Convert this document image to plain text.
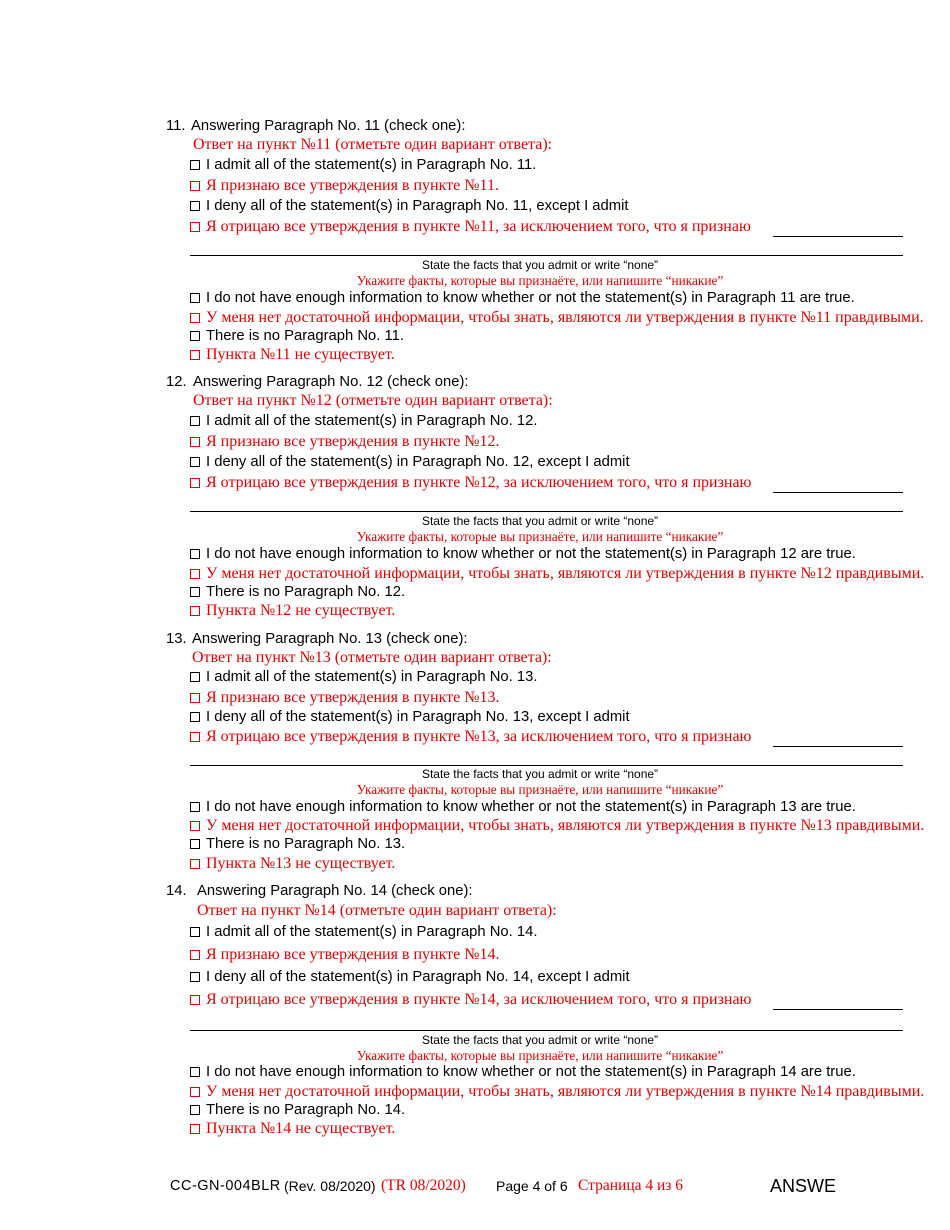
11. Answering Paragraph No. 11 (check one):
Ответ на пункт №11 (отметьте один вариант ответа):
I admit all of the statement(s) in Paragraph No. 11.
Я признаю все утверждения в пункте №11.
I deny all of the statement(s) in Paragraph No. 11, except I admit
Я отрицаю все утверждения в пункте №11, за исключением того, что я признаю
State the facts that you admit or write “none”
Укажите факты, которые вы признаёте, или напишите “никакие”
I do not have enough information to know whether or not the statement(s) in Paragraph 11 are true.
У меня нет достаточной информации, чтобы знать, являются ли утверждения в пункте №11 правдивыми.
There is no Paragraph No. 11.
Пункта №11 не существует.
12. Answering Paragraph No. 12 (check one):
Ответ на пункт №12 (отметьте один вариант ответа):
I admit all of the statement(s) in Paragraph No. 12.
Я признаю все утверждения в пункте №12.
I deny all of the statement(s) in Paragraph No. 12, except I admit
Я отрицаю все утверждения в пункте №12, за исключением того, что я признаю
State the facts that you admit or write “none”
Укажите факты, которые вы признаёте, или напишите “никакие”
I do not have enough information to know whether or not the statement(s) in Paragraph 12 are true.
У меня нет достаточной информации, чтобы знать, являются ли утверждения в пункте №12 правдивыми.
There is no Paragraph No. 12.
Пункта №12 не существует.
13. Answering Paragraph No. 13 (check one):
Ответ на пункт №13 (отметьте один вариант ответа):
I admit all of the statement(s) in Paragraph No. 13.
Я признаю все утверждения в пункте №13.
I deny all of the statement(s) in Paragraph No. 13, except I admit
Я отрицаю все утверждения в пункте №13, за исключением того, что я признаю
State the facts that you admit or write “none”
Укажите факты, которые вы признаёте, или напишите “никакие”
I do not have enough information to know whether or not the statement(s) in Paragraph 13 are true.
У меня нет достаточной информации, чтобы знать, являются ли утверждения в пункте №13 правдивыми.
There is no Paragraph No. 13.
Пункта №13 не существует.
14. Answering Paragraph No. 14 (check one):
Ответ на пункт №14 (отметьте один вариант ответа):
I admit all of the statement(s) in Paragraph No. 14.
Я признаю все утверждения в пункте №14.
I deny all of the statement(s) in Paragraph No. 14, except I admit
Я отрицаю все утверждения в пункте №14, за исключением того, что я признаю
State the facts that you admit or write “none”
Укажите факты, которые вы признаёте, или напишите “никакие”
I do not have enough information to know whether or not the statement(s) in Paragraph 14 are true.
У меня нет достаточной информации, чтобы знать, являются ли утверждения в пункте №14 правдивыми.
There is no Paragraph No. 14.
Пункта №14 не существует.
CC-GN-004BLR (Rev. 08/2020) (TR 08/2020) Page 4 of 6 Страница 4 из 6	ANSWE
